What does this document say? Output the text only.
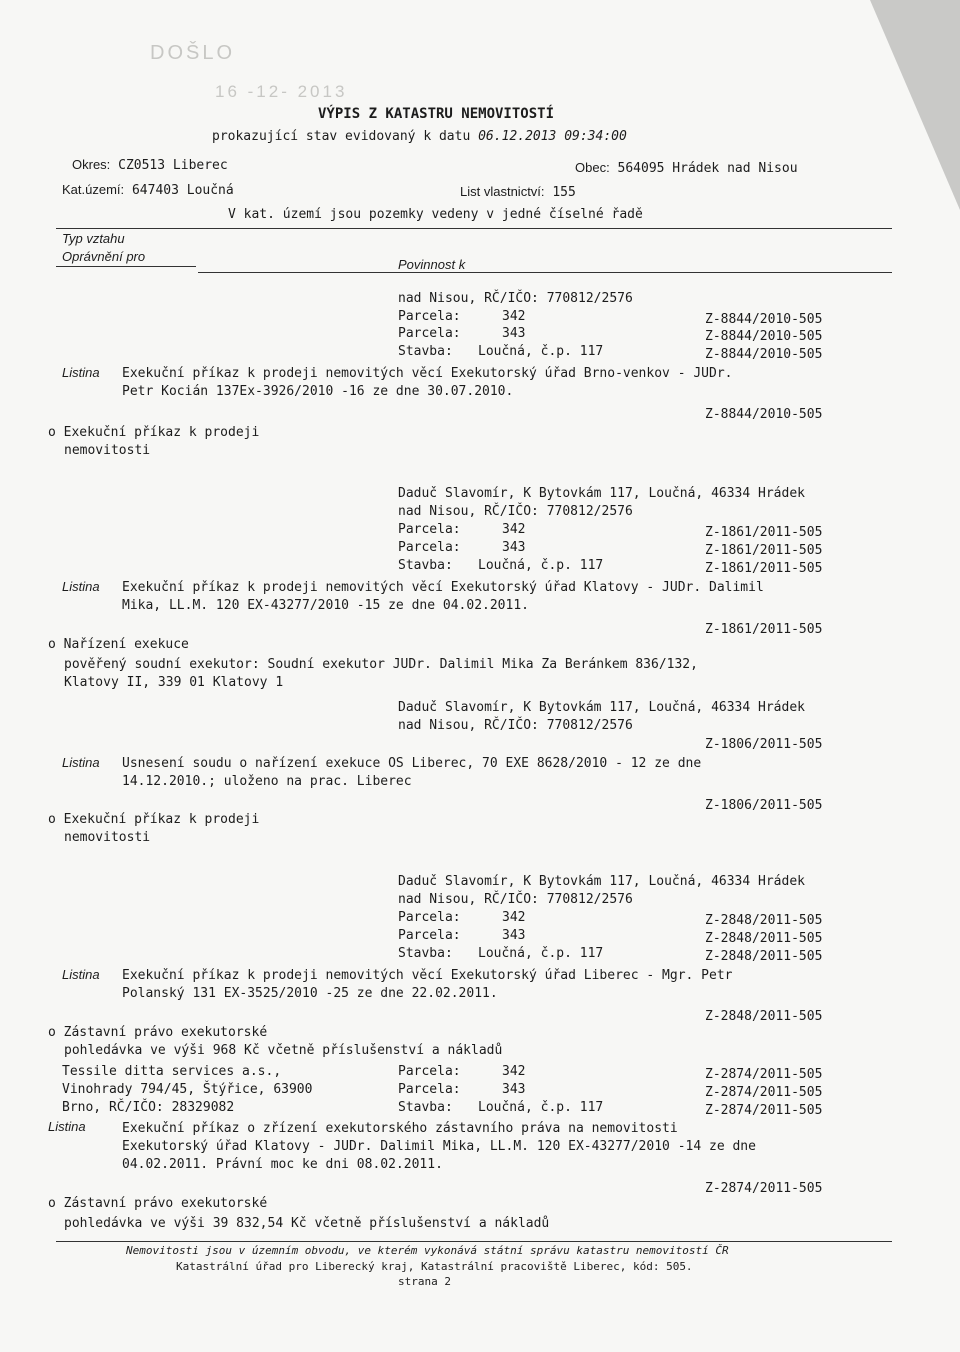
DOŠLO
16 -12- 2013
VÝPIS Z KATASTRU NEMOVITOSTÍ
prokazující stav evidovaný k datu 06.12.2013 09:34:00
Okres: CZ0513 Liberec	Obec: 564095 Hrádek nad Nisou
Kat.území: 647403 Loučná	List vlastnictví: 155
V kat. území jsou pozemky vedeny v jedné číselné řadě
Typ vztahu
Oprávnění pro
Povinnost k
nad Nisou, RČ/IČO: 770812/2576
Parcela:	342	Z-8844/2010-505
Parcela:	343	Z-8844/2010-505
Stavba: Loučná, č.p. 117	Z-8844/2010-505
Listina Exekuční příkaz k prodeji nemovitých věcí Exekutorský úřad Brno-venkov - JUDr.
Petr Kocián 137Ex-3926/2010 -16 ze dne 30.07.2010.
Z-8844/2010-505
o Exekuční příkaz k prodeji
nemovitosti
Daduč Slavomír, K Bytovkám 117, Loučná, 46334 Hrádek
nad Nisou, RČ/IČO: 770812/2576
Parcela:	342	Z-1861/2011-505
Parcela:	343	Z-1861/2011-505
Stavba: Loučná, č.p. 117	Z-1861/2011-505
Listina Exekuční příkaz k prodeji nemovitých věcí Exekutorský úřad Klatovy - JUDr. Dalimil
Mika, LL.M. 120 EX-43277/2010 -15 ze dne 04.02.2011.
Z-1861/2011-505
o Nařízení exekuce
pověřený soudní exekutor: Soudní exekutor JUDr. Dalimil Mika Za Beránkem 836/132,
Klatovy II, 339 01 Klatovy 1
Daduč Slavomír, K Bytovkám 117, Loučná, 46334 Hrádek
nad Nisou, RČ/IČO: 770812/2576
Z-1806/2011-505
Listina Usnesení soudu o nařízení exekuce OS Liberec, 70 EXE 8628/2010 - 12 ze dne
14.12.2010.; uloženo na prac. Liberec
Z-1806/2011-505
o Exekuční příkaz k prodeji
nemovitosti
Daduč Slavomír, K Bytovkám 117, Loučná, 46334 Hrádek
nad Nisou, RČ/IČO: 770812/2576
Parcela:	342	Z-2848/2011-505
Parcela:	343	Z-2848/2011-505
Stavba: Loučná, č.p. 117	Z-2848/2011-505
Listina Exekuční příkaz k prodeji nemovitých věcí Exekutorský úřad Liberec - Mgr. Petr
Polanský 131 EX-3525/2010 -25 ze dne 22.02.2011.
Z-2848/2011-505
o Zástavní právo exekutorské
pohledávka ve výši 968 Kč včetně příslušenství a nákladů
Tessile ditta services a.s.,
Vinohrady 794/45, Štýřice, 63900
Brno, RČ/IČO: 28329082
Parcela:	342	Z-2874/2011-505
Parcela:	343	Z-2874/2011-505
Stavba: Loučná, č.p. 117	Z-2874/2011-505
Listina	Exekuční příkaz o zřízení exekutorského zástavního práva na nemovitosti
Exekutorský úřad Klatovy - JUDr. Dalimil Mika, LL.M. 120 EX-43277/2010 -14 ze dne
04.02.2011. Právní moc ke dni 08.02.2011.
Z-2874/2011-505
o Zástavní právo exekutorské
pohledávka ve výši 39 832,54 Kč včetně příslušenství a nákladů
Nemovitosti jsou v územním obvodu, ve kterém vykonává státní správu katastru nemovitostí ČR
Katastrální úřad pro Liberecký kraj, Katastrální pracoviště Liberec, kód: 505.
strana 2
